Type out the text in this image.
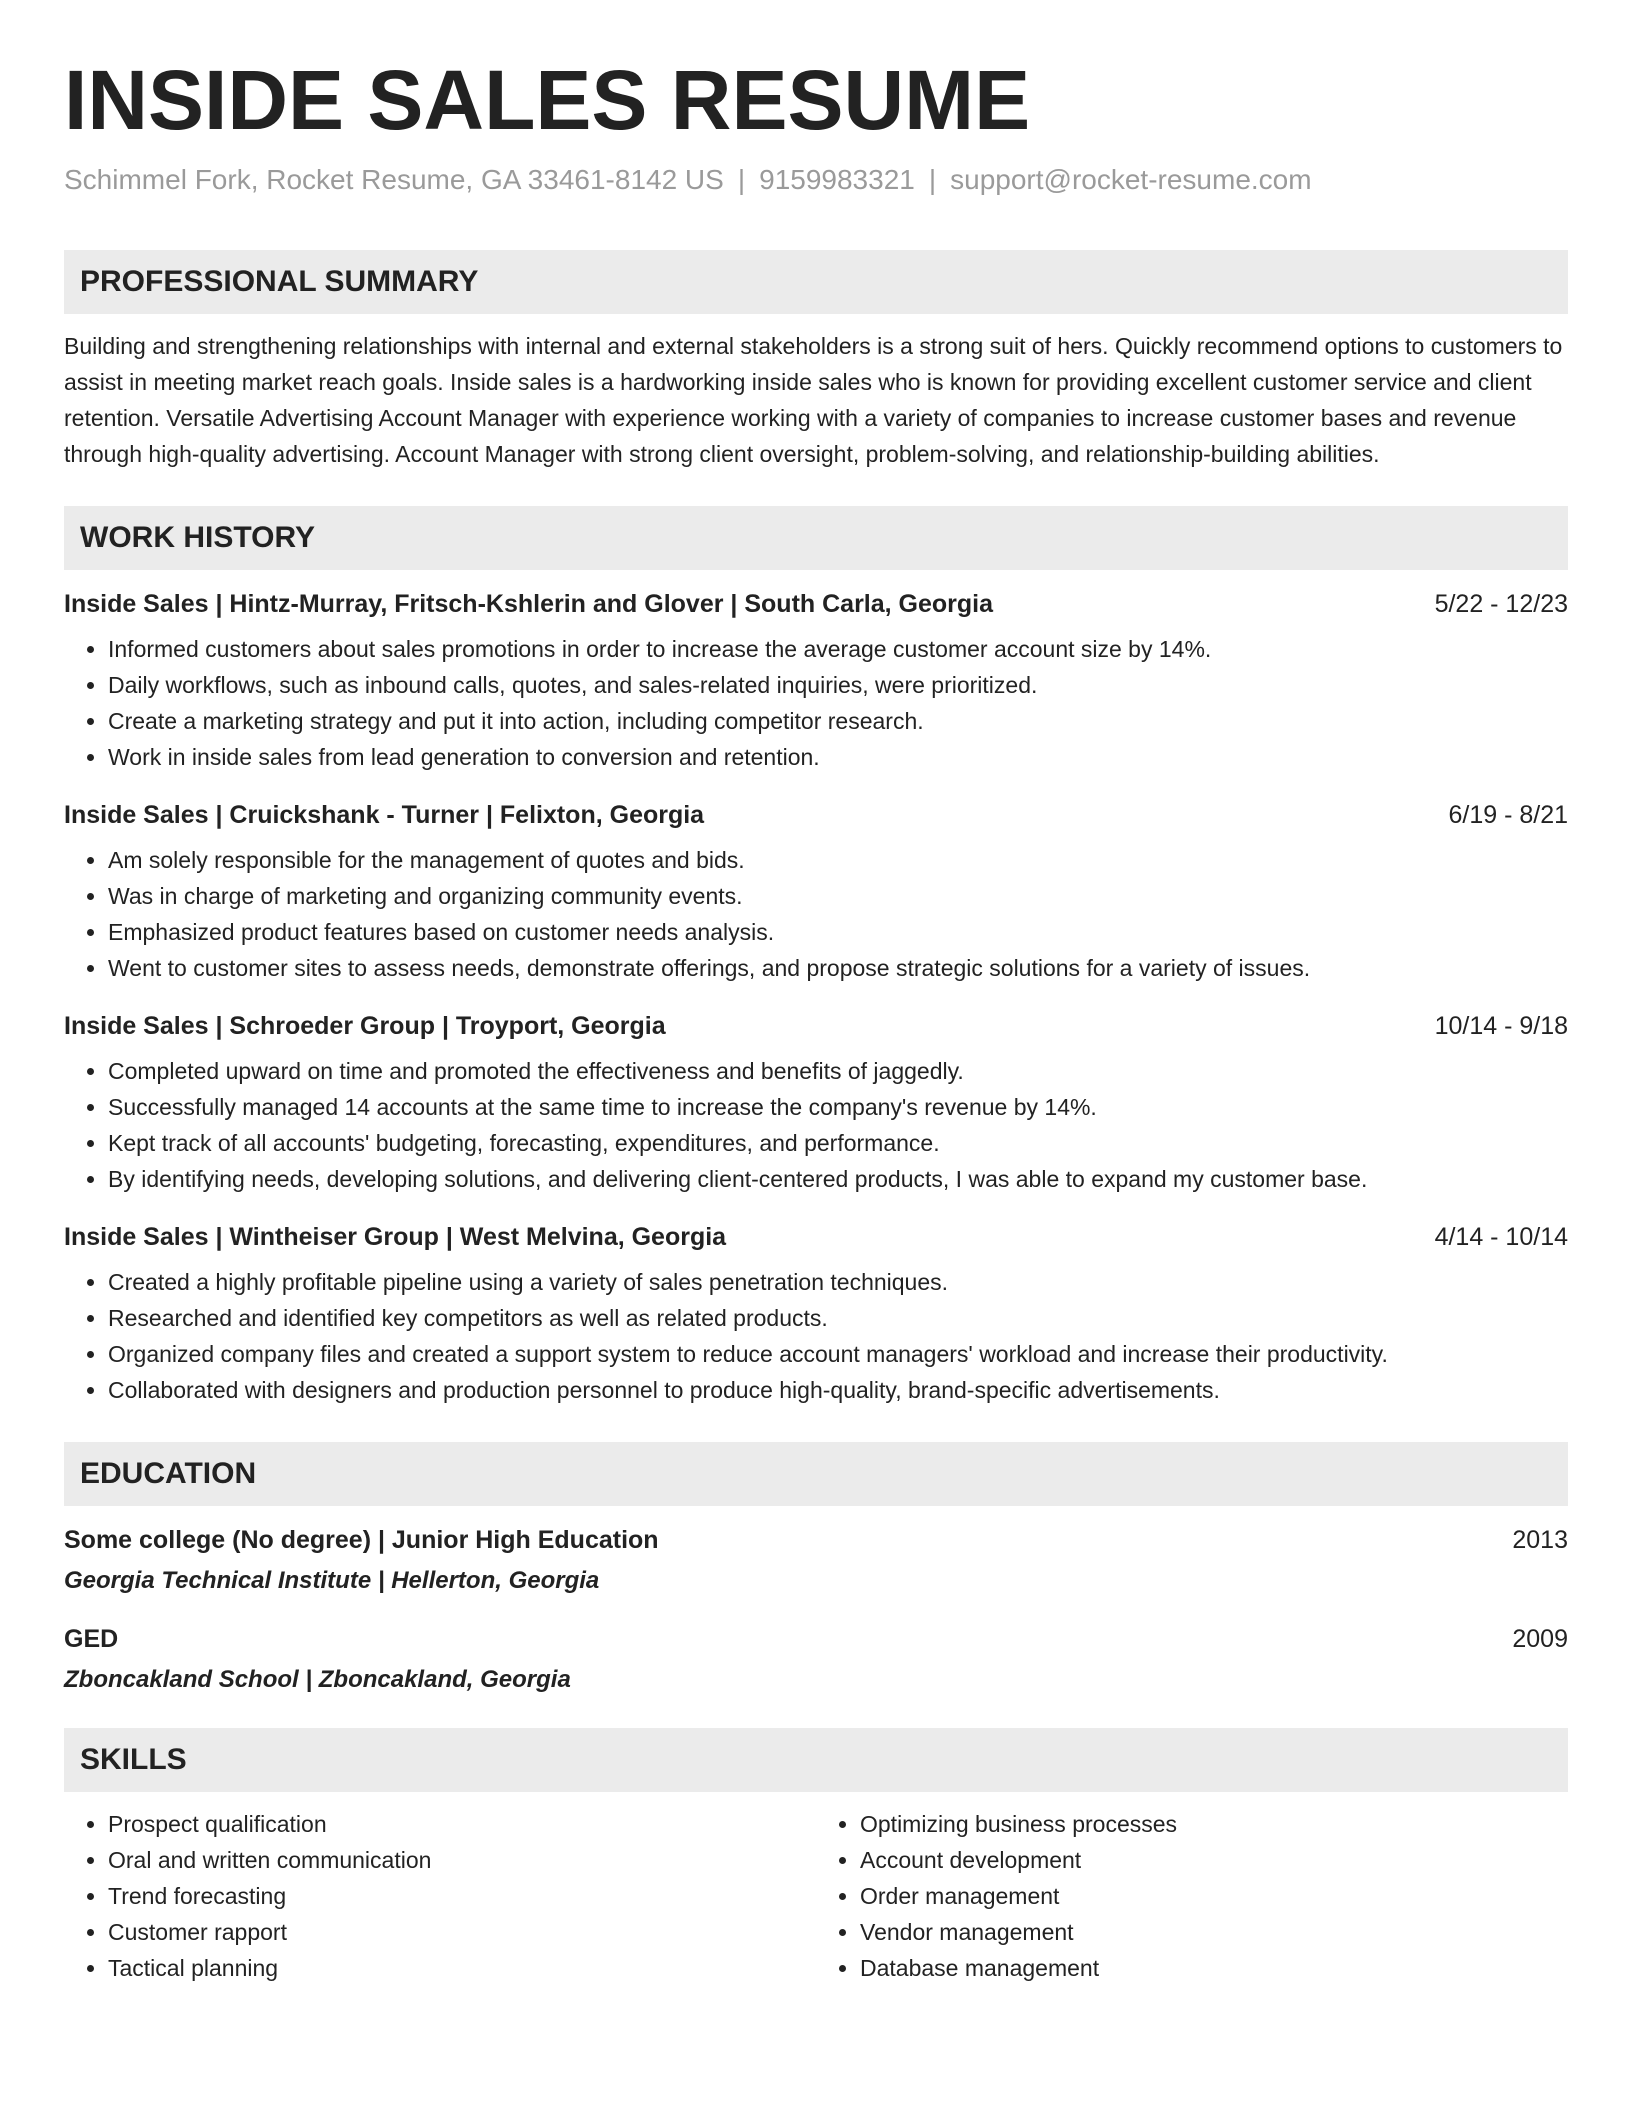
INSIDE SALES RESUME
Schimmel Fork, Rocket Resume, GA 33461-8142 US | 9159983321 | support@rocket-resume.com
PROFESSIONAL SUMMARY
Building and strengthening relationships with internal and external stakeholders is a strong suit of hers. Quickly recommend options to customers to assist in meeting market reach goals. Inside sales is a hardworking inside sales who is known for providing excellent customer service and client retention. Versatile Advertising Account Manager with experience working with a variety of companies to increase customer bases and revenue through high-quality advertising. Account Manager with strong client oversight, problem-solving, and relationship-building abilities.
WORK HISTORY
Inside Sales | Hintz-Murray, Fritsch-Kshlerin and Glover | South Carla, Georgia	5/22 - 12/23
• Informed customers about sales promotions in order to increase the average customer account size by 14%.
• Daily workflows, such as inbound calls, quotes, and sales-related inquiries, were prioritized.
• Create a marketing strategy and put it into action, including competitor research.
• Work in inside sales from lead generation to conversion and retention.
Inside Sales | Cruickshank - Turner | Felixton, Georgia	6/19 - 8/21
• Am solely responsible for the management of quotes and bids.
• Was in charge of marketing and organizing community events.
• Emphasized product features based on customer needs analysis.
• Went to customer sites to assess needs, demonstrate offerings, and propose strategic solutions for a variety of issues.
Inside Sales | Schroeder Group | Troyport, Georgia	10/14 - 9/18
• Completed upward on time and promoted the effectiveness and benefits of jaggedly.
• Successfully managed 14 accounts at the same time to increase the company's revenue by 14%.
• Kept track of all accounts' budgeting, forecasting, expenditures, and performance.
• By identifying needs, developing solutions, and delivering client-centered products, I was able to expand my customer base.
Inside Sales | Wintheiser Group | West Melvina, Georgia	4/14 - 10/14
• Created a highly profitable pipeline using a variety of sales penetration techniques.
• Researched and identified key competitors as well as related products.
• Organized company files and created a support system to reduce account managers' workload and increase their productivity.
• Collaborated with designers and production personnel to produce high-quality, brand-specific advertisements.
EDUCATION
Some college (No degree) | Junior High Education	2013
Georgia Technical Institute | Hellerton, Georgia
GED	2009
Zboncakland School | Zboncakland, Georgia
SKILLS
• Prospect qualification
• Oral and written communication
• Trend forecasting
• Customer rapport
• Tactical planning
• Optimizing business processes
• Account development
• Order management
• Vendor management
• Database management
